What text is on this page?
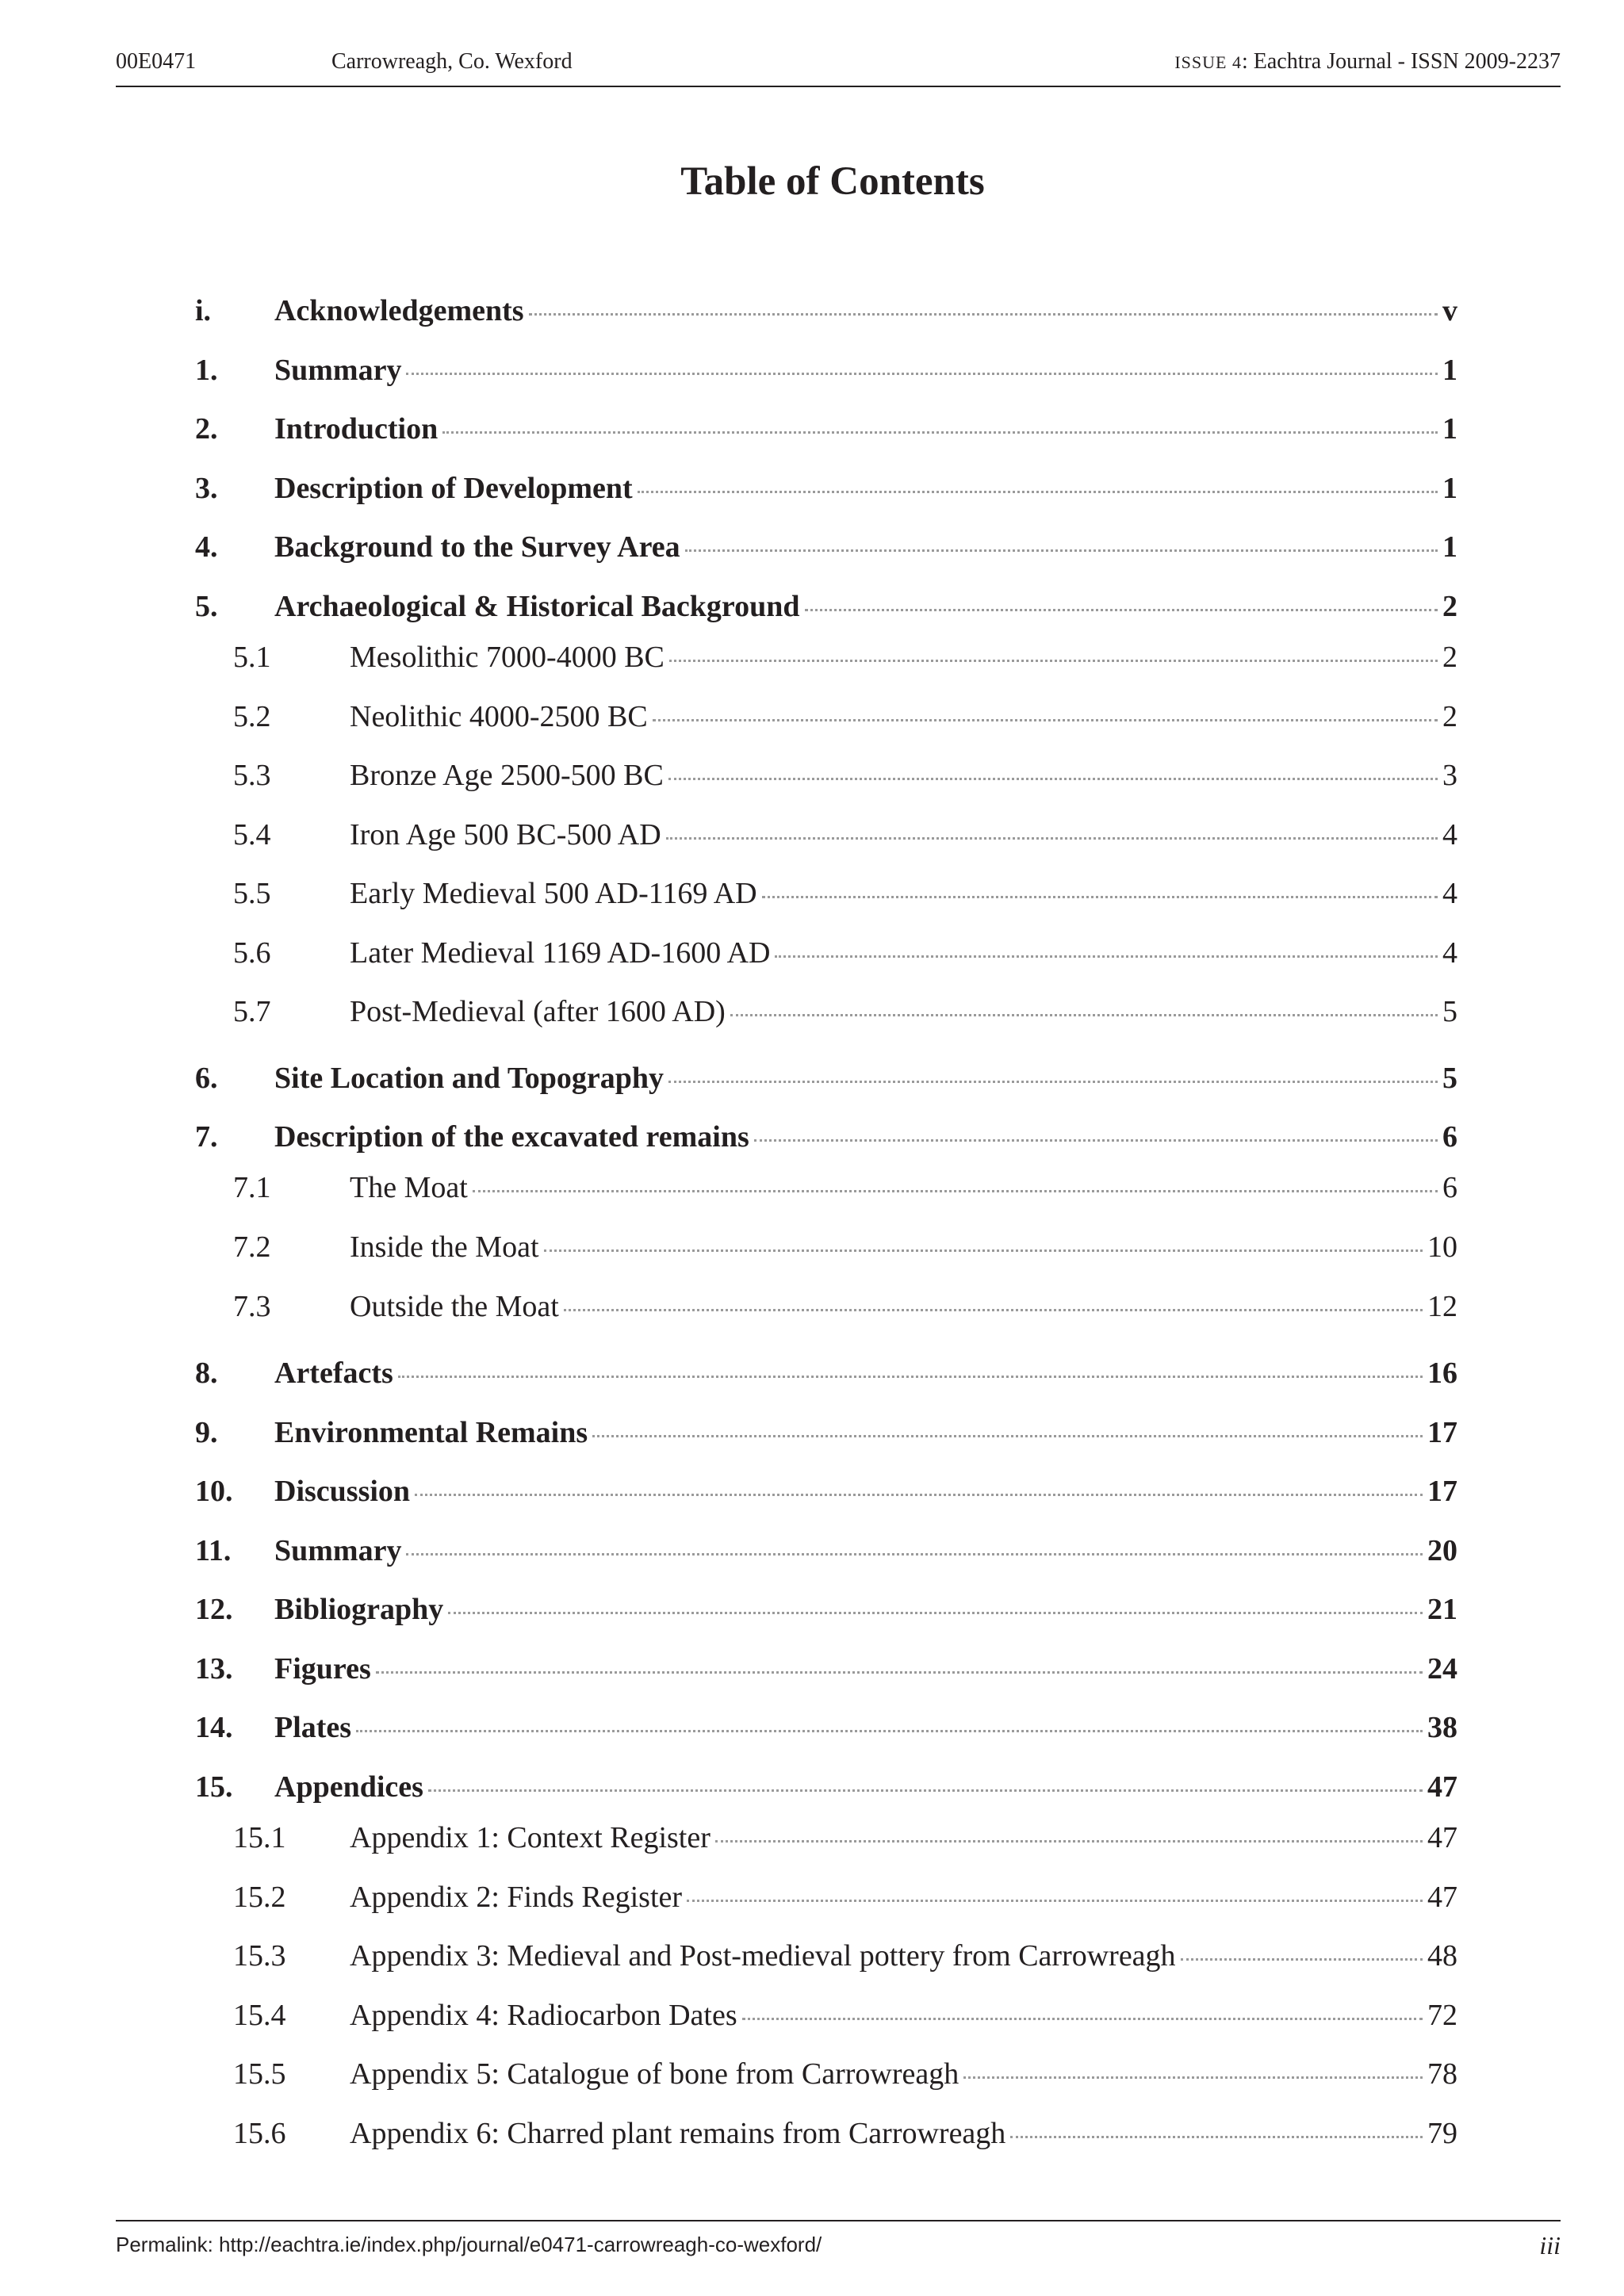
00E0471	Carrowreagh, Co. Wexford	ISSUE 4: Eachtra Journal - ISSN 2009-2237
Table of Contents
i.	Acknowledgements	v
1.	Summary	1
2.	Introduction	1
3.	Description of Development	1
4.	Background to the Survey Area	1
5.	Archaeological & Historical Background	2
5.1	Mesolithic 7000-4000 BC	2
5.2	Neolithic 4000-2500 BC	2
5.3	Bronze Age 2500-500 BC	3
5.4	Iron Age 500 BC-500 AD	4
5.5	Early Medieval 500 AD-1169 AD	4
5.6	Later Medieval 1169 AD-1600 AD	4
5.7	Post-Medieval (after 1600 AD)	5
6.	Site Location and Topography	5
7.	Description of the excavated remains	6
7.1	The Moat	6
7.2	Inside the Moat	10
7.3	Outside the Moat	12
8.	Artefacts	16
9.	Environmental Remains	17
10.	Discussion	17
11.	Summary	20
12.	Bibliography	21
13.	Figures	24
14.	Plates	38
15.	Appendices	47
15.1	Appendix 1: Context Register	47
15.2	Appendix 2: Finds Register	47
15.3	Appendix 3: Medieval and Post-medieval pottery from Carrowreagh	48
15.4	Appendix 4: Radiocarbon Dates	72
15.5	Appendix 5: Catalogue of bone from Carrowreagh	78
15.6	Appendix 6: Charred plant remains from Carrowreagh	79
Permalink: http://eachtra.ie/index.php/journal/e0471-carrowreagh-co-wexford/	iii
